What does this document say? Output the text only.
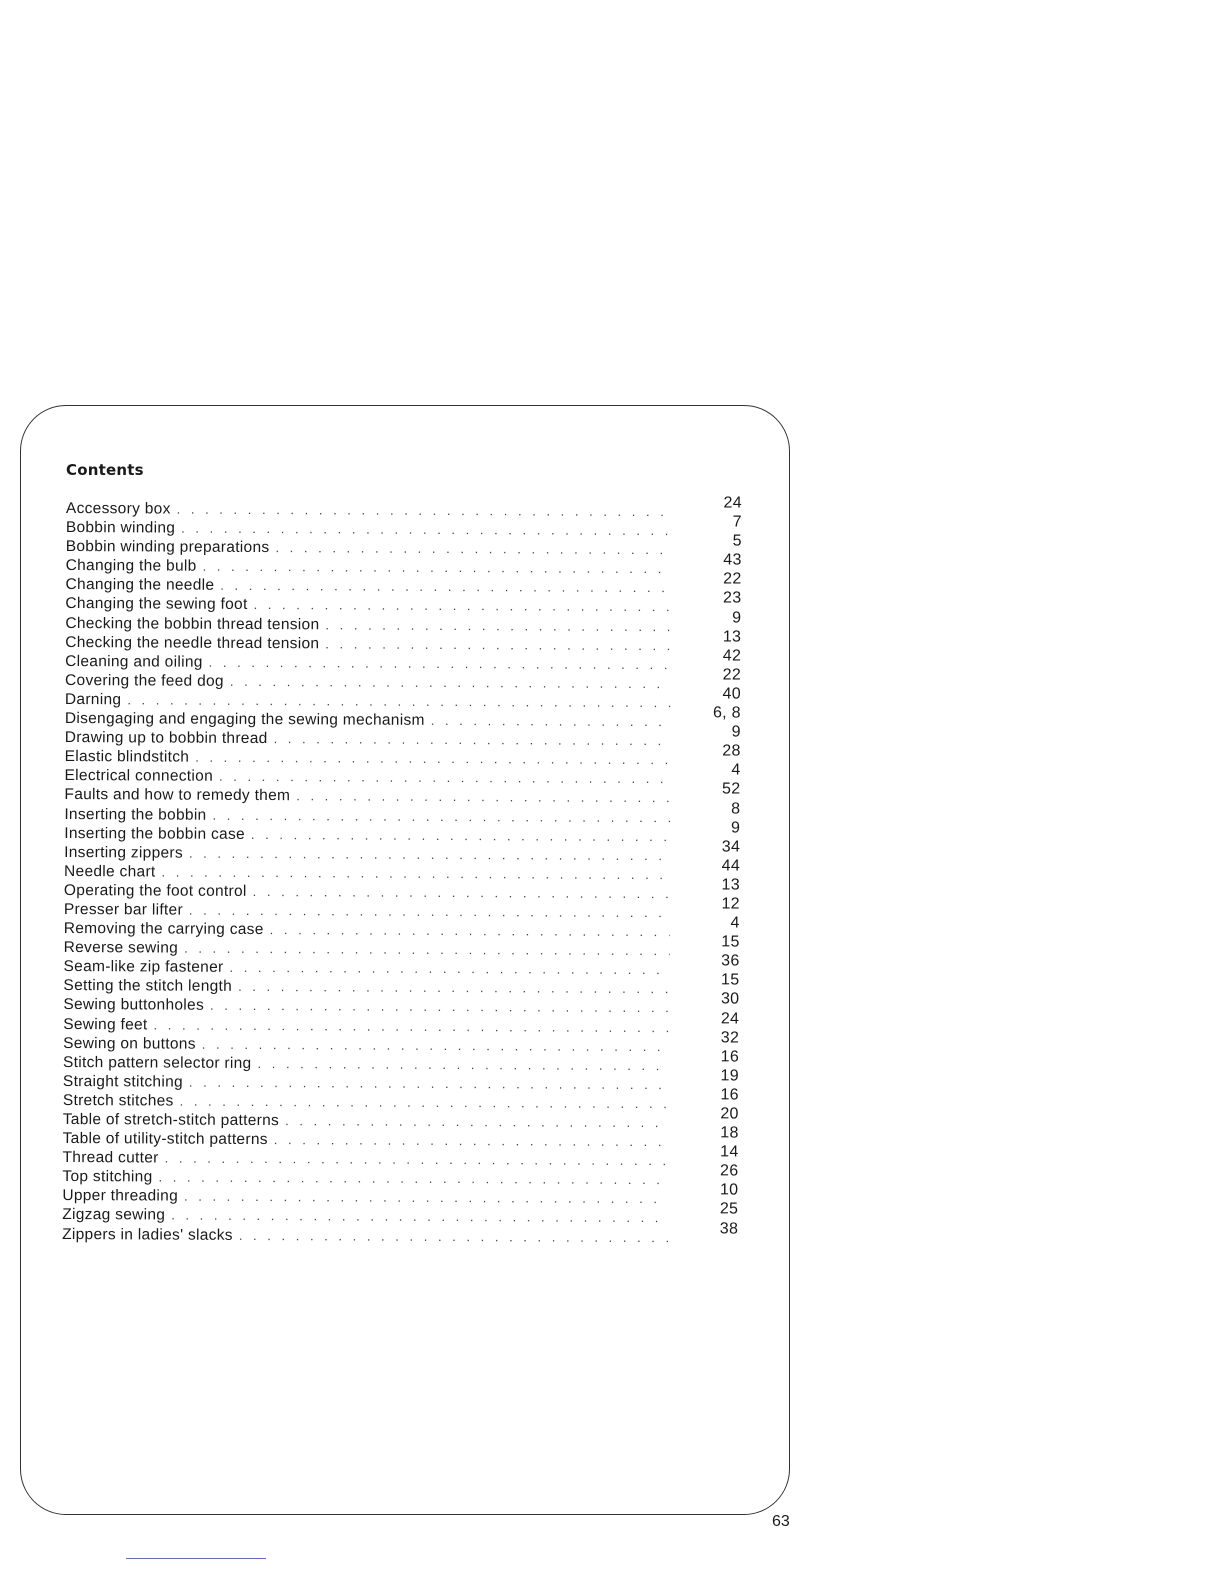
Contents
Accessory box . . .	24
Bobbin winding . . .	7
Bobbin winding preparations . . .	5
Changing the bulb . . .	43
Changing the needle . . .	22
Changing the sewing foot . . .	23
Checking the bobbin thread tension . . .	9
Checking the needle thread tension . . .	13
Cleaning and oiling . . .	42
Covering the feed dog . . .	22
Darning . . .	40
Disengaging and engaging the sewing mechanism . . .	6, 8
Drawing up to bobbin thread . . .	9
Elastic blindstitch . . .	28
Electrical connection . . .	4
Faults and how to remedy them . . .	52
Inserting the bobbin . . .	8
Inserting the bobbin case . . .	9
Inserting zippers . . .	34
Needle chart . . .	44
Operating the foot control . . .	13
Presser bar lifter . . .	12
Removing the carrying case . . .	4
Reverse sewing . . .	15
Seam-like zip fastener . . .	36
Setting the stitch length . . .	15
Sewing buttonholes . . .	30
Sewing feet . . .	24
Sewing on buttons . . .	32
Stitch pattern selector ring . . .	16
Straight stitching . . .	19
Stretch stitches . . .	16
Table of stretch-stitch patterns . . .	20
Table of utility-stitch patterns . . .	18
Thread cutter . . .	14
Top stitching . . .	26
Upper threading . . .	10
Zigzag sewing . . .	25
Zippers in ladies' slacks . . .	38
63
